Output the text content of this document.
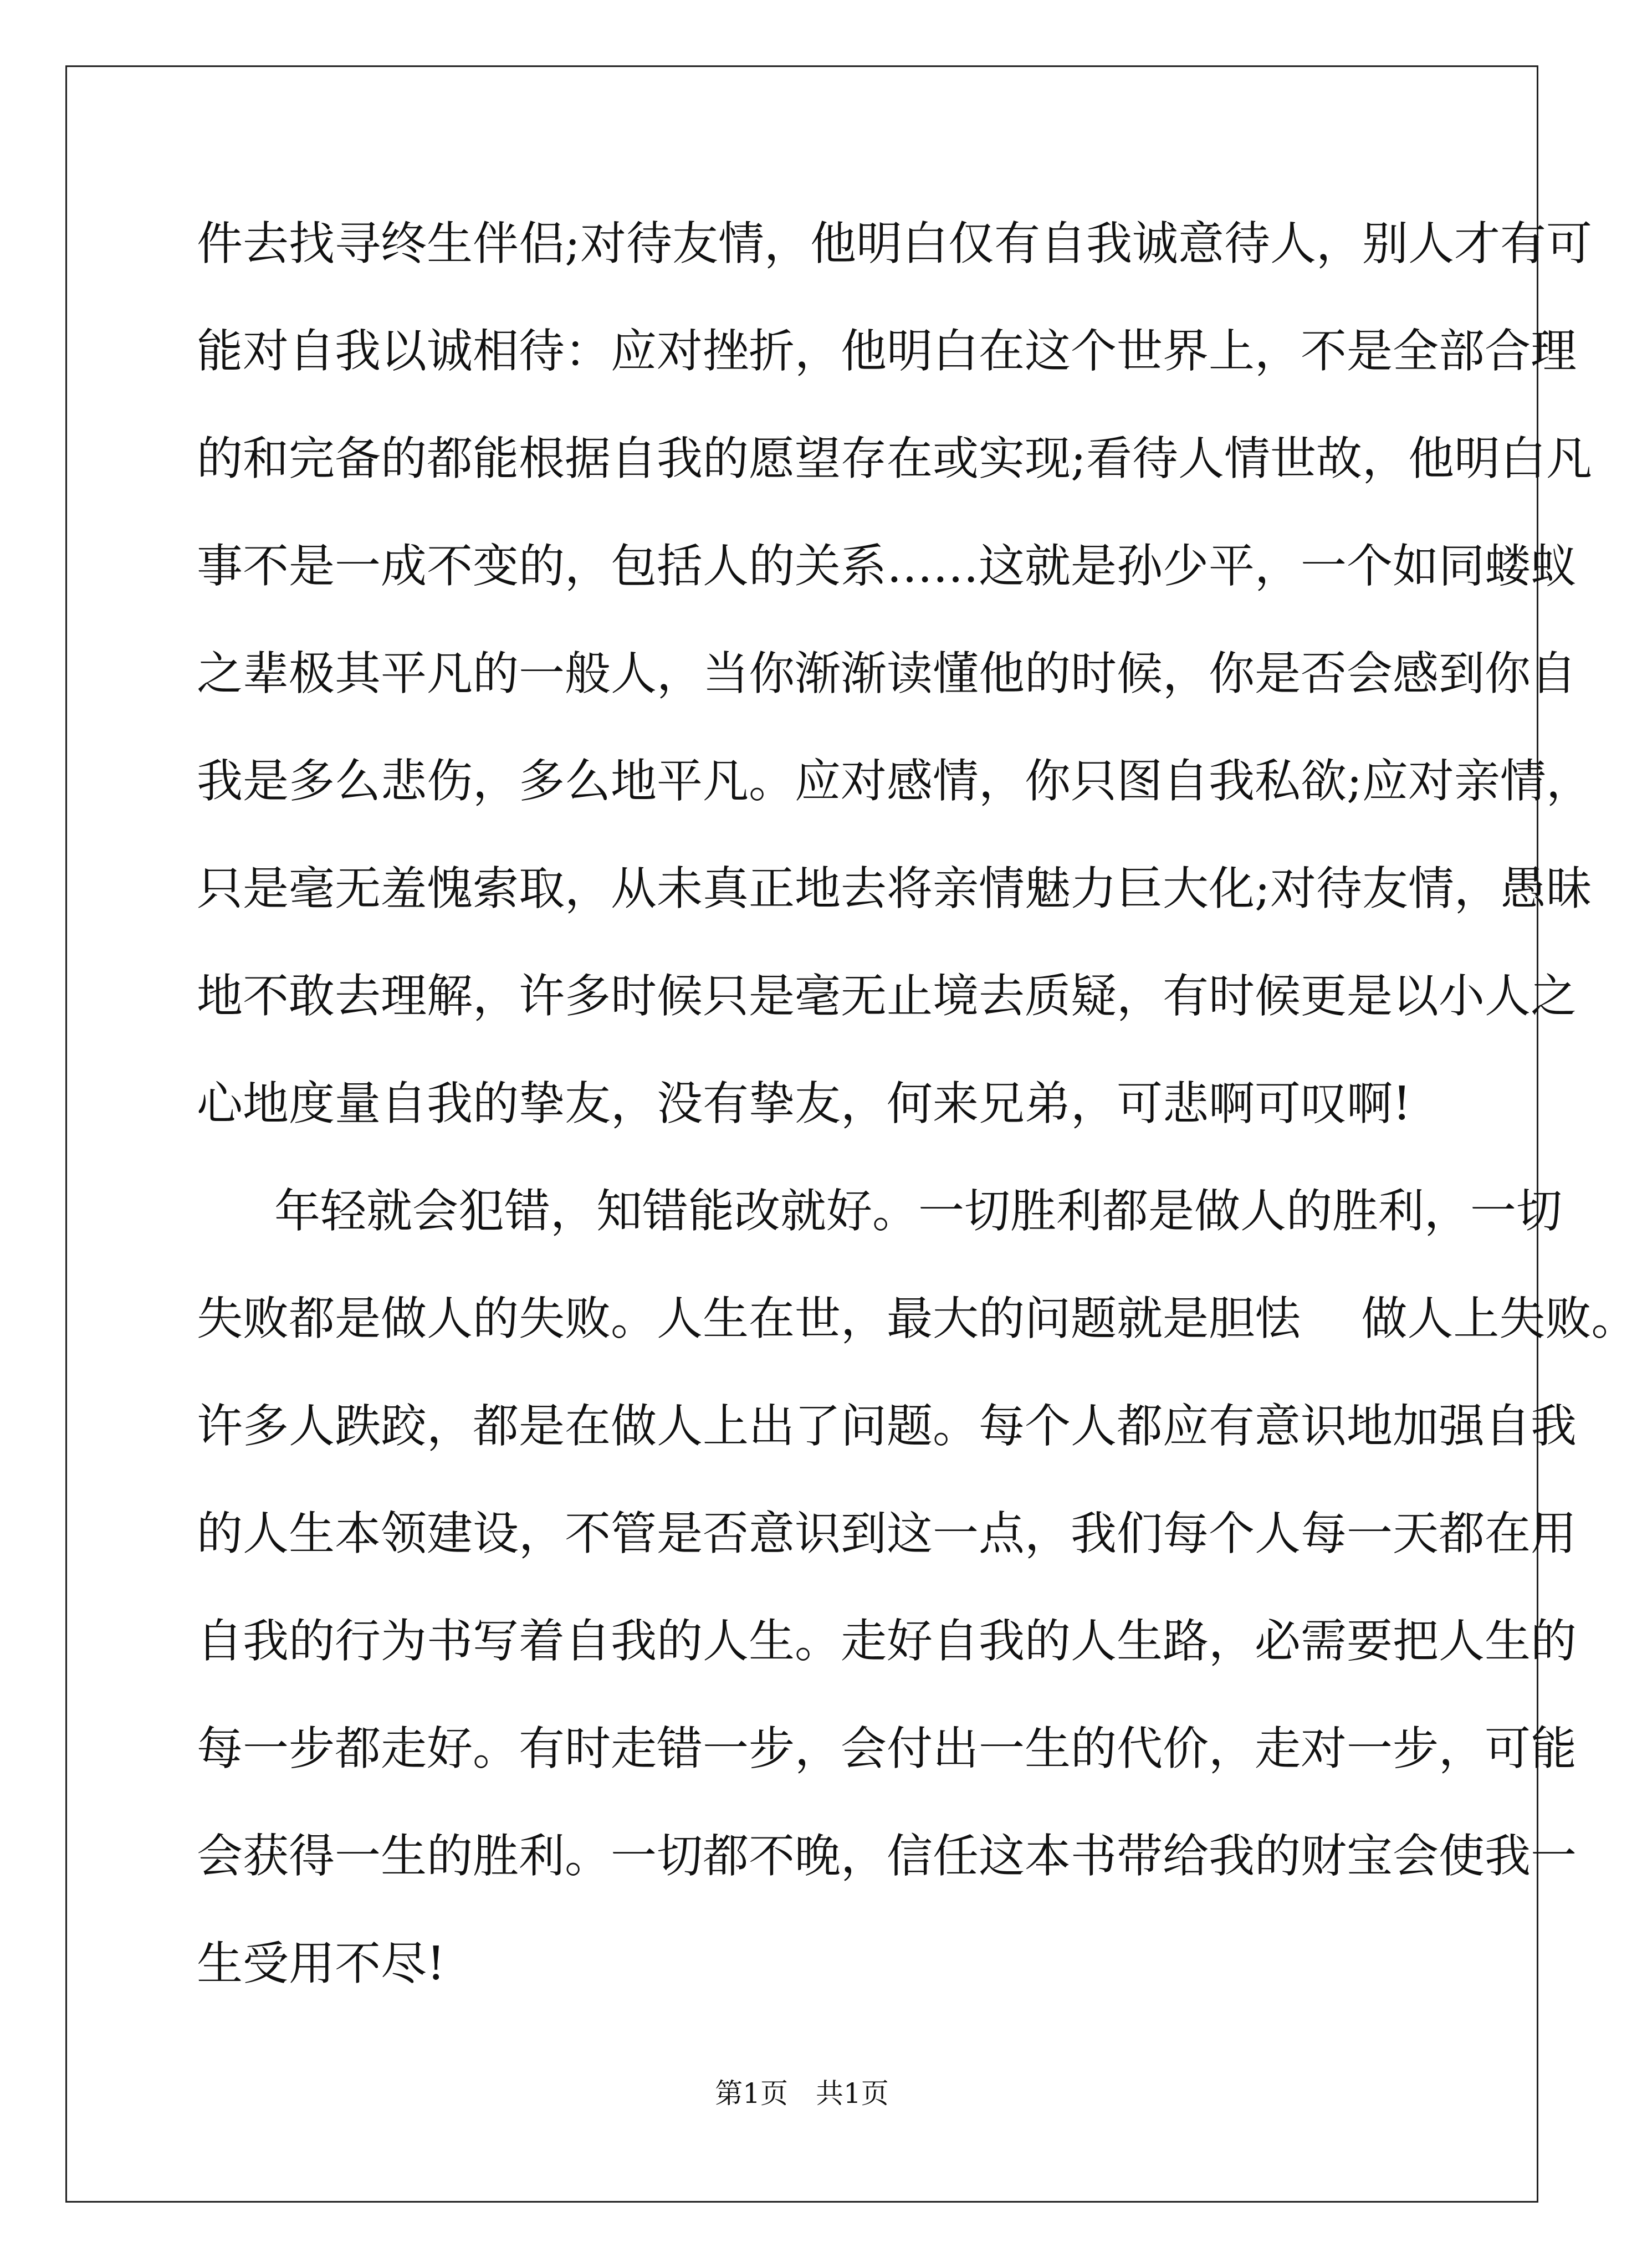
件去找寻终生伴侣;对待友情，他明白仅有自我诚意待人，别人才有可
能对自我以诚相待：应对挫折，他明白在这个世界上，不是全部合理
的和完备的都能根据自我的愿望存在或实现;看待人情世故，他明白凡
事不是一成不变的，包括人的关系……这就是孙少平，一个如同蝼蚁
之辈极其平凡的一般人，当你渐渐读懂他的时候，你是否会感到你自
我是多么悲伤，多么地平凡。应对感情，你只图自我私欲;应对亲情，
只是毫无羞愧索取，从未真正地去将亲情魅力巨大化;对待友情，愚昧
地不敢去理解，许多时候只是毫无止境去质疑，有时候更是以小人之
心地度量自我的挚友，没有挚友，何来兄弟，可悲啊可叹啊!
年轻就会犯错，知错能改就好。一切胜利都是做人的胜利，一切
失败都是做人的失败。人生在世，最大的问题就是胆怯　 做人上失败。
许多人跌跤，都是在做人上出了问题。每个人都应有意识地加强自我
的人生本领建设，不管是否意识到这一点，我们每个人每一天都在用
自我的行为书写着自我的人生。走好自我的人生路，必需要把人生的
每一步都走好。有时走错一步，会付出一生的代价，走对一步，可能
会获得一生的胜利。一切都不晚，信任这本书带给我的财宝会使我一
生受用不尽!
第1页　共1页
